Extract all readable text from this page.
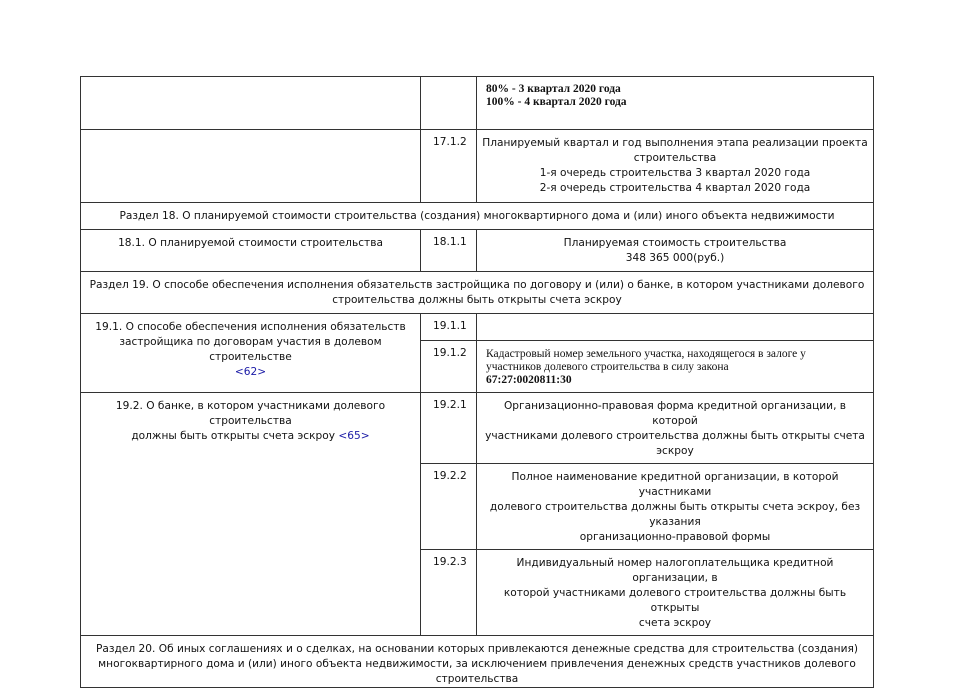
		80% - 3 квартал 2020 года
100% - 4 квартал 2020 года

	17.1.2	Планируемый квартал и год выполнения этапа реализации проекта
строительства
1-я очередь строительства 3 квартал 2020 года
2-я очередь строительства 4 квартал 2020 года

Раздел 18. О планируемой стоимости строительства (создания) многоквартирного дома и (или) иного объекта недвижимости		

18.1. О планируемой стоимости строительства	18.1.1	Планируемая стоимость строительства
348 365 000(руб.)

Раздел 19. О способе обеспечения исполнения обязательств застройщика по договору и (или) о банке, в котором участниками долевого
строительства должны быть открыты счета эскроу		

19.1. О способе обеспечения исполнения обязательств
застройщика по договорам участия в долевом строительстве
<62>	19.1.1	

	19.1.2	Кадастровый номер земельного участка, находящегося в залоге у
участников долевого строительства в силу закона
67:27:0020811:30

19.2. О банке, в котором участниками долевого строительства
должны быть открыты счета эскроу <65>	19.2.1	Организационно-правовая форма кредитной организации, в которой
участниками долевого строительства должны быть открыты счета эскроу

	19.2.2	Полное наименование кредитной организации, в которой участниками
долевого строительства должны быть открыты счета эскроу, без указания
организационно-правовой формы

	19.2.3	Индивидуальный номер налогоплательщика кредитной организации, в
которой участниками долевого строительства должны быть открыты
счета эскроу

Раздел 20. Об иных соглашениях и о сделках, на основании которых привлекаются денежные средства для строительства (создания)
многоквартирного дома и (или) иного объекта недвижимости, за исключением привлечения денежных средств участников долевого строительства		
